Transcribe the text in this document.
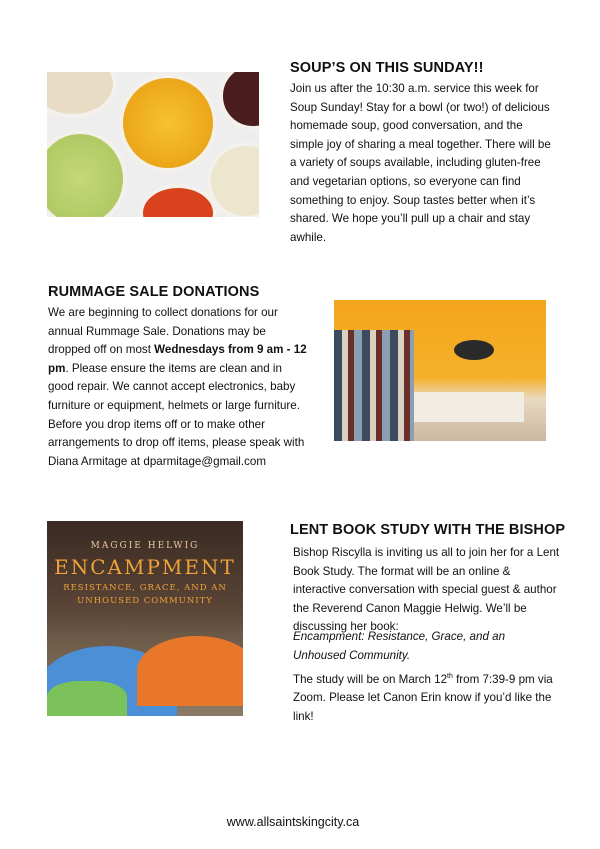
SOUP’S ON THIS SUNDAY!!

Join us after the 10:30 a.m. service this week for Soup Sunday! Stay for a bowl (or two!) of delicious homemade soup, good conversation, and the simple joy of sharing a meal together. There will be a variety of soups available, including gluten-free and vegetarian options, so everyone can find something to enjoy. Soup tastes better when it’s shared. We hope you’ll pull up a chair and stay awhile.

RUMMAGE SALE DONATIONS

We are beginning to collect donations for our annual Rummage Sale. Donations may be dropped off on most Wednesdays from 9 am - 12 pm. Please ensure the items are clean and in good repair. We cannot accept electronics, baby furniture or equipment, helmets or large furniture. Before you drop items off or to make other arrangements to drop off items, please speak with Diana Armitage at dparmitage@gmail.com

MAGGIE HELWIG
ENCAMPMENT
RESISTANCE, GRACE, AND AN
UNHOUSED COMMUNITY
LENT BOOK STUDY WITH THE BISHOP

Bishop Riscylla is inviting us all to join her for a Lent Book Study. The format will be an online & interactive conversation with special guest & author the Reverend Canon Maggie Helwig. We’ll be discussing her book:

Encampment: Resistance, Grace, and an Unhoused Community.

The study will be on March 12th from 7:39-9 pm via Zoom. Please let Canon Erin know if you’d like the link!

www.allsaintskingcity.ca
